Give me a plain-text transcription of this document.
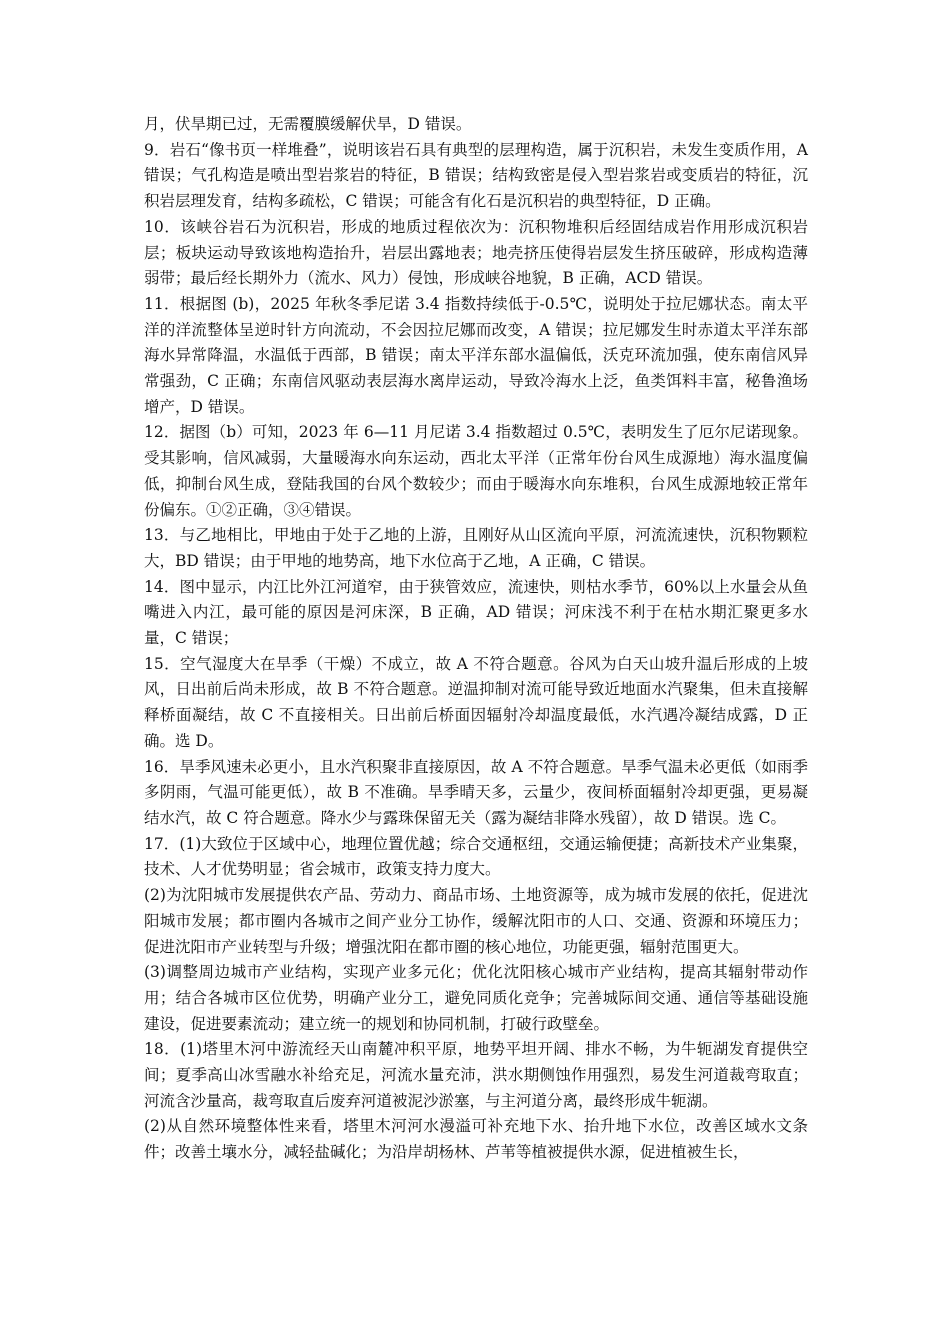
月，伏旱期已过，无需覆膜缓解伏旱，D 错误。

9．岩石“像书页一样堆叠”，说明该岩石具有典型的层理构造，属于沉积岩，未发生变质作用，A 错误；气孔构造是喷出型岩浆岩的特征，B 错误；结构致密是侵入型岩浆岩或变质岩的特征，沉积岩层理发育，结构多疏松，C 错误；可能含有化石是沉积岩的典型特征，D 正确。

10．该峡谷岩石为沉积岩，形成的地质过程依次为：沉积物堆积后经固结成岩作用形成沉积岩层；板块运动导致该地构造抬升，岩层出露地表；地壳挤压使得岩层发生挤压破碎，形成构造薄弱带；最后经长期外力（流水、风力）侵蚀，形成峡谷地貌，B 正确，ACD 错误。

11．根据图 (b)，2025 年秋冬季尼诺 3.4 指数持续低于-0.5℃，说明处于拉尼娜状态。南太平洋的洋流整体呈逆时针方向流动，不会因拉尼娜而改变，A 错误；拉尼娜发生时赤道太平洋东部海水异常降温，水温低于西部，B 错误；南太平洋东部水温偏低，沃克环流加强，使东南信风异常强劲，C 正确；东南信风驱动表层海水离岸运动，导致冷海水上泛，鱼类饵料丰富，秘鲁渔场增产，D 错误。

12．据图（b）可知，2023 年 6—11 月尼诺 3.4 指数超过 0.5℃，表明发生了厄尔尼诺现象。受其影响，信风减弱，大量暖海水向东运动，西北太平洋（正常年份台风生成源地）海水温度偏低，抑制台风生成，登陆我国的台风个数较少；而由于暖海水向东堆积，台风生成源地较正常年份偏东。①②正确，③④错误。

13．与乙地相比，甲地由于处于乙地的上游，且刚好从山区流向平原，河流流速快，沉积物颗粒大，BD 错误；由于甲地的地势高，地下水位高于乙地，A 正确，C 错误。

14．图中显示，内江比外江河道窄，由于狭管效应，流速快，则枯水季节，60%以上水量会从鱼嘴进入内江，最可能的原因是河床深，B 正确，AD 错误；河床浅不利于在枯水期汇聚更多水量，C 错误；

15．空气湿度大在旱季（干燥）不成立，故 A 不符合题意。谷风为白天山坡升温后形成的上坡风，日出前后尚未形成，故 B 不符合题意。逆温抑制对流可能导致近地面水汽聚集，但未直接解释桥面凝结，故 C 不直接相关。日出前后桥面因辐射冷却温度最低，水汽遇冷凝结成露，D 正确。选 D。

16．旱季风速未必更小，且水汽积聚非直接原因，故 A 不符合题意。旱季气温未必更低（如雨季多阴雨，气温可能更低），故 B 不准确。旱季晴天多，云量少，夜间桥面辐射冷却更强，更易凝结水汽，故 C 符合题意。降水少与露珠保留无关（露为凝结非降水残留），故 D 错误。选 C。

17．(1)大致位于区域中心，地理位置优越；综合交通枢纽，交通运输便捷；高新技术产业集聚，技术、人才优势明显；省会城市，政策支持力度大。

(2)为沈阳城市发展提供农产品、劳动力、商品市场、土地资源等，成为城市发展的依托，促进沈阳城市发展；都市圈内各城市之间产业分工协作，缓解沈阳市的人口、交通、资源和环境压力；促进沈阳市产业转型与升级；增强沈阳在都市圈的核心地位，功能更强，辐射范围更大。

(3)调整周边城市产业结构，实现产业多元化；优化沈阳核心城市产业结构，提高其辐射带动作用；结合各城市区位优势，明确产业分工，避免同质化竞争；完善城际间交通、通信等基础设施建设，促进要素流动；建立统一的规划和协同机制，打破行政壁垒。

18．(1)塔里木河中游流经天山南麓冲积平原，地势平坦开阔、排水不畅，为牛轭湖发育提供空间；夏季高山冰雪融水补给充足，河流水量充沛，洪水期侧蚀作用强烈，易发生河道裁弯取直；河流含沙量高，裁弯取直后废弃河道被泥沙淤塞，与主河道分离，最终形成牛轭湖。

(2)从自然环境整体性来看，塔里木河河水漫溢可补充地下水、抬升地下水位，改善区域水文条件；改善土壤水分，减轻盐碱化；为沿岸胡杨林、芦苇等植被提供水源，促进植被生长，
